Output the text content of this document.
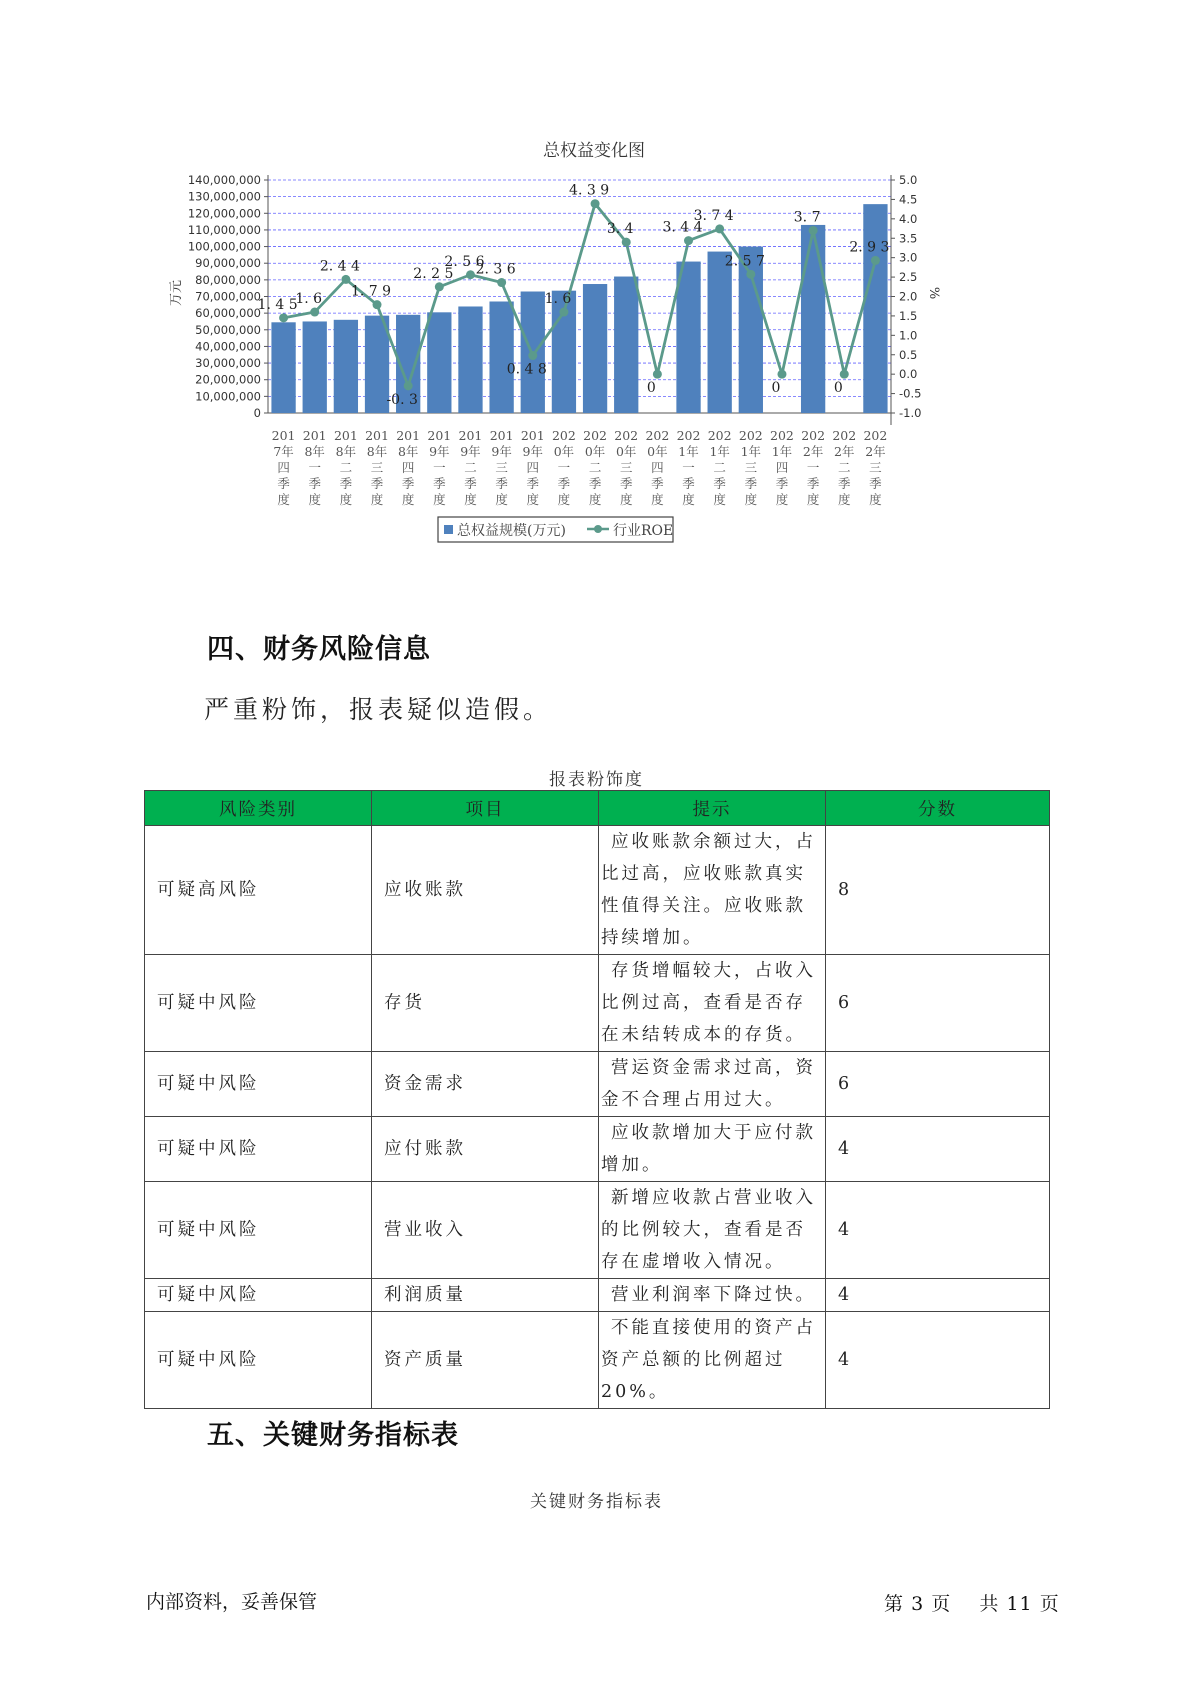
总权益变化图
140,000,000
130,000,000
120,000,000
110,000,000
100,000,000
90,000,000
80,000,000
70,000,000
60,000,000
50,000,000
40,000,000
30,000,000
20,000,000
10,000,000
0
5.0
4.5
4.0
3.5
3.0
2.5
2.0
1.5
1.0
0.5
0.0
-0.5
-1.0
1. 4 5
1. 6
2. 4 4
1. 7 9
-0. 3
2. 2 5
2. 5 6
2. 3 6
0. 4 8
1. 6
4. 3 9
3. 4
0
3. 4 4
3. 7 4
2. 5 7
0
3. 7
0
2. 9 3
201
7年
四
季
度
201
8年
一
季
度
201
8年
二
季
度
201
8年
三
季
度
201
8年
四
季
度
201
9年
一
季
度
201
9年
二
季
度
201
9年
三
季
度
201
9年
四
季
度
202
0年
一
季
度
202
0年
二
季
度
202
0年
三
季
度
202
0年
四
季
度
202
1年
一
季
度
202
1年
二
季
度
202
1年
三
季
度
202
1年
四
季
度
202
2年
一
季
度
202
2年
二
季
度
202
2年
三
季
度
万元	%
总权益规模(万元)	行业ROE
四、财务风险信息
严重粉饰，报表疑似造假。
报表粉饰度
风险类别	项目	提示	分数
可疑高风险	应收账款	应收账款余额过大，占比过高，应收账款真实性值得关注。应收账款持续增加。	8
可疑中风险	存货	存货增幅较大，占收入比例过高，查看是否存在未结转成本的存货。	6
可疑中风险	资金需求	营运资金需求过高，资金不合理占用过大。	6
可疑中风险	应付账款	应收款增加大于应付款增加。	4
可疑中风险	营业收入	新增应收款占营业收入的比例较大，查看是否存在虚增收入情况。	4
可疑中风险	利润质量	营业利润率下降过快。	4
可疑中风险	资产质量	不能直接使用的资产占资产总额的比例超过20%。	4
五、关键财务指标表
关键财务指标表
内部资料，妥善保管	第 3 页 共 11 页
